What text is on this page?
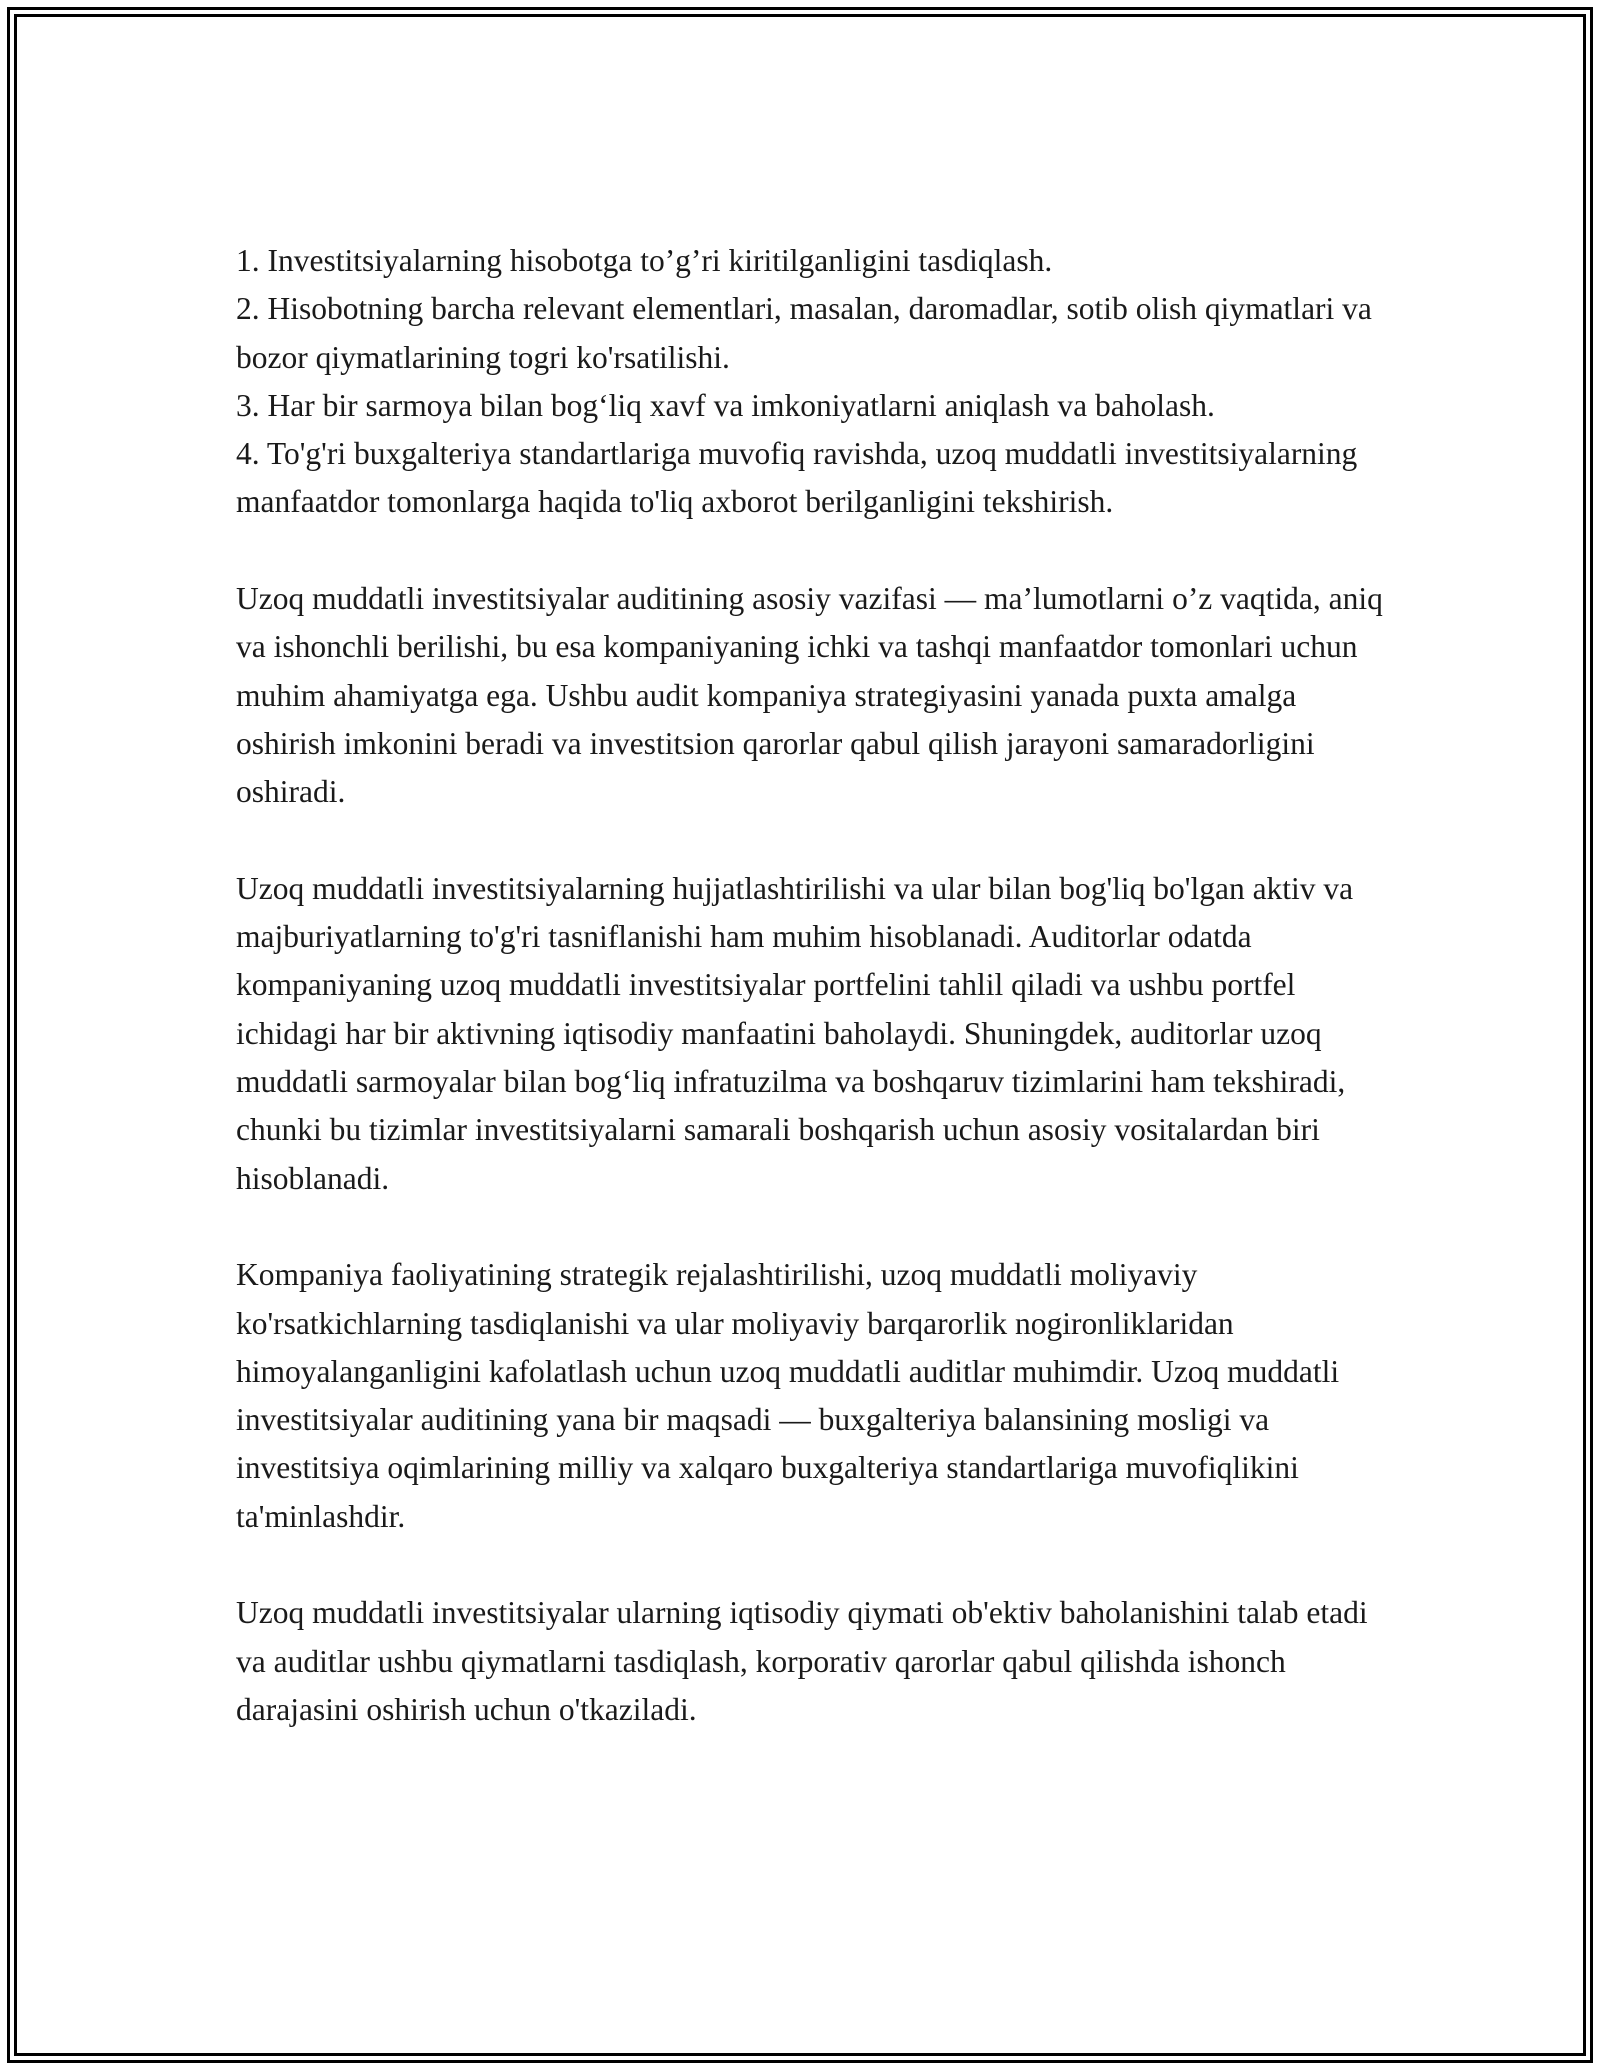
1. Investitsiyalarning hisobotga to’g’ri kiritilganligini tasdiqlash.

2. Hisobotning barcha relevant elementlari, masalan, daromadlar, sotib olish qiymatlari va bozor qiymatlarining togri ko'rsatilishi.

3. Har bir sarmoya bilan bog‘liq xavf va imkoniyatlarni aniqlash va baholash.

4. To'g'ri buxgalteriya standartlariga muvofiq ravishda, uzoq muddatli investitsiyalarning manfaatdor tomonlarga haqida to'liq axborot berilganligini tekshirish.

Uzoq muddatli investitsiyalar auditining asosiy vazifasi — ma’lumotlarni o’z vaqtida, aniq va ishonchli berilishi, bu esa kompaniyaning ichki va tashqi manfaatdor tomonlari uchun muhim ahamiyatga ega. Ushbu audit kompaniya strategiyasini yanada puxta amalga oshirish imkonini beradi va investitsion qarorlar qabul qilish jarayoni samaradorligini oshiradi.

Uzoq muddatli investitsiyalarning hujjatlashtirilishi va ular bilan bog'liq bo'lgan aktiv va majburiyatlarning to'g'ri tasniflanishi ham muhim hisoblanadi. Auditorlar odatda kompaniyaning uzoq muddatli investitsiyalar portfelini tahlil qiladi va ushbu portfel ichidagi har bir aktivning iqtisodiy manfaatini baholaydi. Shuningdek, auditorlar uzoq muddatli sarmoyalar bilan bog‘liq infratuzilma va boshqaruv tizimlarini ham tekshiradi, chunki bu tizimlar investitsiyalarni samarali boshqarish uchun asosiy vositalardan biri hisoblanadi.

Kompaniya faoliyatining strategik rejalashtirilishi, uzoq muddatli moliyaviy ko'rsatkichlarning tasdiqlanishi va ular moliyaviy barqarorlik nogironliklaridan himoyalanganligini kafolatlash uchun uzoq muddatli auditlar muhimdir. Uzoq muddatli investitsiyalar auditining yana bir maqsadi — buxgalteriya balansining mosligi va investitsiya oqimlarining milliy va xalqaro buxgalteriya standartlariga muvofiqlikini ta'minlashdir.

Uzoq muddatli investitsiyalar ularning iqtisodiy qiymati ob'ektiv baholanishini talab etadi va auditlar ushbu qiymatlarni tasdiqlash, korporativ qarorlar qabul qilishda ishonch darajasini oshirish uchun o'tkaziladi.
